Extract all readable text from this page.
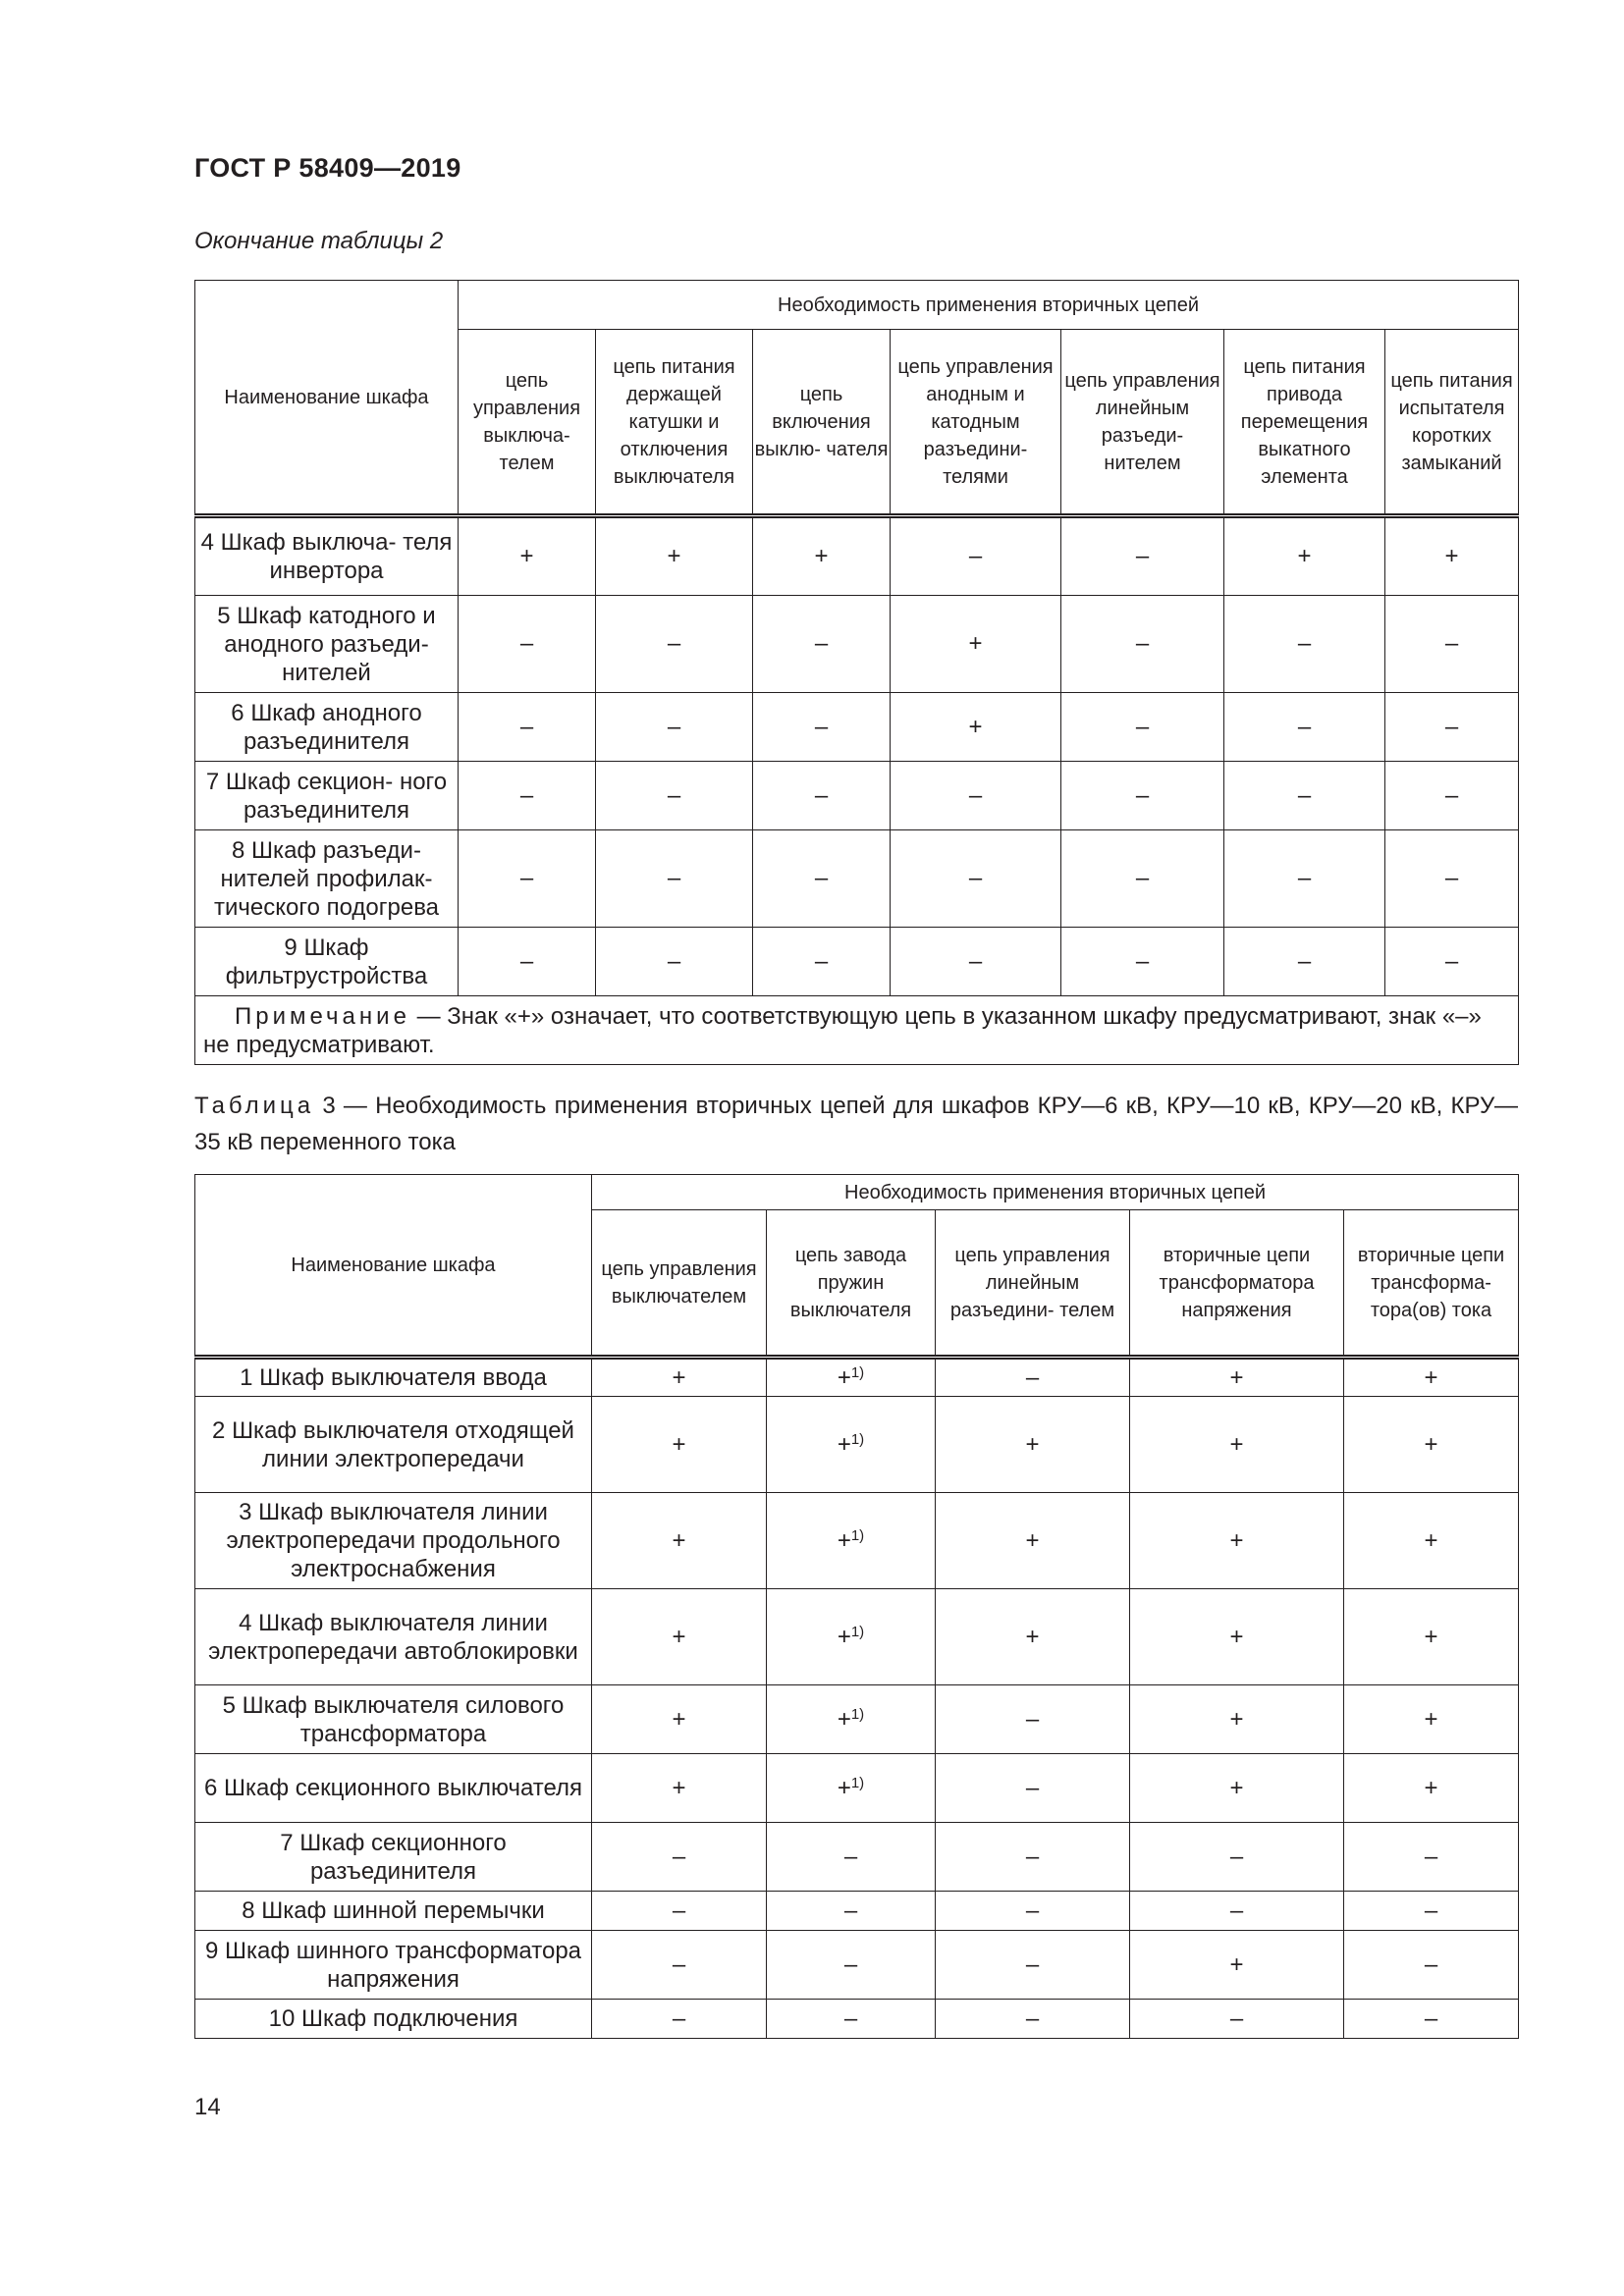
ГОСТ Р 58409—2019
Окончание таблицы 2
Наименование шкафа	Необходимость применения вторичных цепей						
	цепь управления выключа- телем	цепь питания держащей катушки и отключения выключателя	цепь включения выклю- чателя	цепь управления анодным и катодным разъедини- телями	цепь управления линейным разъеди- нителем	цепь питания привода перемещения выкатного элемента	цепь питания испытателя коротких замыканий
4 Шкаф выключа- теля инвертора	+	+	+	–	–	+	+
5 Шкаф катодного и анодного разъеди- нителей	–	–	–	+	–	–	–
6 Шкаф анодного разъединителя	–	–	–	+	–	–	–
7 Шкаф секцион- ного разъединителя	–	–	–	–	–	–	–
8 Шкаф разъеди- нителей профилак- тического подогрева	–	–	–	–	–	–	–
9 Шкаф фильтрустройства	–	–	–	–	–	–	–
Примечание — Знак «+» означает, что соответствующую цепь в указанном шкафу предусматривают, знак «–» не предусматривают.							
Таблица 3 — Необходимость применения вторичных цепей для шкафов КРУ—6 кВ, КРУ—10 кВ, КРУ—20 кВ, КРУ—35 кВ переменного тока
Наименование шкафа	Необходимость применения вторичных цепей				
	цепь управления выключателем	цепь завода пружин выключателя	цепь управления линейным разъедини- телем	вторичные цепи трансформатора напряжения	вторичные цепи трансформа- тора(ов) тока
1 Шкаф выключателя ввода	+	+$^{1)}$	–	+	+
2 Шкаф выключателя отходящей линии электропередачи	+	+$^{1)}$	+	+	+
3 Шкаф выключателя линии электропередачи продольного электроснабжения	+	+$^{1)}$	+	+	+
4 Шкаф выключателя линии электропередачи автоблокировки	+	+$^{1)}$	+	+	+
5 Шкаф выключателя силового трансформатора	+	+$^{1)}$	–	+	+
6 Шкаф секционного выключателя	+	+$^{1)}$	–	+	+
7 Шкаф секционного разъединителя	–	–	–	–	–
8 Шкаф шинной перемычки	–	–	–	–	–
9 Шкаф шинного трансформатора напряжения	–	–	–	+	–
10 Шкаф подключения	–	–	–	–	–
14
